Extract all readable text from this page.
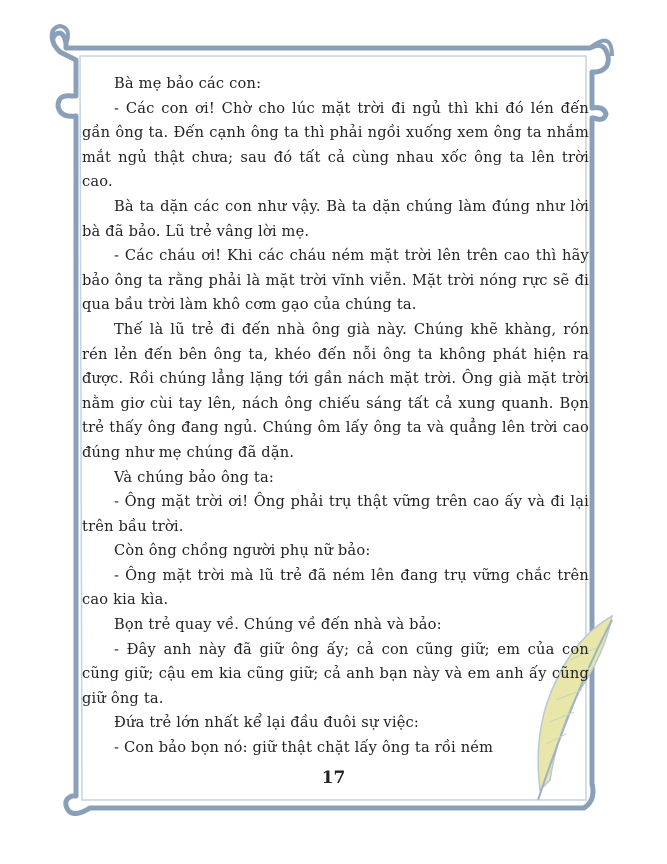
Bà mẹ bảo các con:

- Các con ơi! Chờ cho lúc mặt trời đi ngủ thì khi đó lén đến gần ông ta. Đến cạnh ông ta thì phải ngồi xuống xem ông ta nhắm mắt ngủ thật chưa; sau đó tất cả cùng nhau xốc ông ta lên trời cao.

Bà ta dặn các con như vậy. Bà ta dặn chúng làm đúng như lời bà đã bảo. Lũ trẻ vâng lời mẹ.

- Các cháu ơi! Khi các cháu ném mặt trời lên trên cao thì hãy bảo ông ta rằng phải là mặt trời vĩnh viễn. Mặt trời nóng rực sẽ đi qua bầu trời làm khô cơm gạo của chúng ta.

Thế là lũ trẻ đi đến nhà ông già này. Chúng khẽ khàng, rón rén lẻn đến bên ông ta, khéo đến nỗi ông ta không phát hiện ra được. Rồi chúng lẳng lặng tới gần nách mặt trời. Ông già mặt trời nằm giơ cùi tay lên, nách ông chiếu sáng tất cả xung quanh. Bọn trẻ thấy ông đang ngủ. Chúng ôm lấy ông ta và quẳng lên trời cao đúng như mẹ chúng đã dặn.

Và chúng bảo ông ta:

- Ông mặt trời ơi! Ông phải trụ thật vững trên cao ấy và đi lại trên bầu trời.

Còn ông chồng người phụ nữ bảo:

- Ông mặt trời mà lũ trẻ đã ném lên đang trụ vững chắc trên cao kia kìa.

Bọn trẻ quay về. Chúng về đến nhà và bảo:

- Đây anh này đã giữ ông ấy; cả con cũng giữ; em của con cũng giữ; cậu em kia cũng giữ; cả anh bạn này và em anh ấy cũng giữ ông ta.

Đứa trẻ lớn nhất kể lại đầu đuôi sự việc:

- Con bảo bọn nó: giữ thật chặt lấy ông ta rồi ném

17
